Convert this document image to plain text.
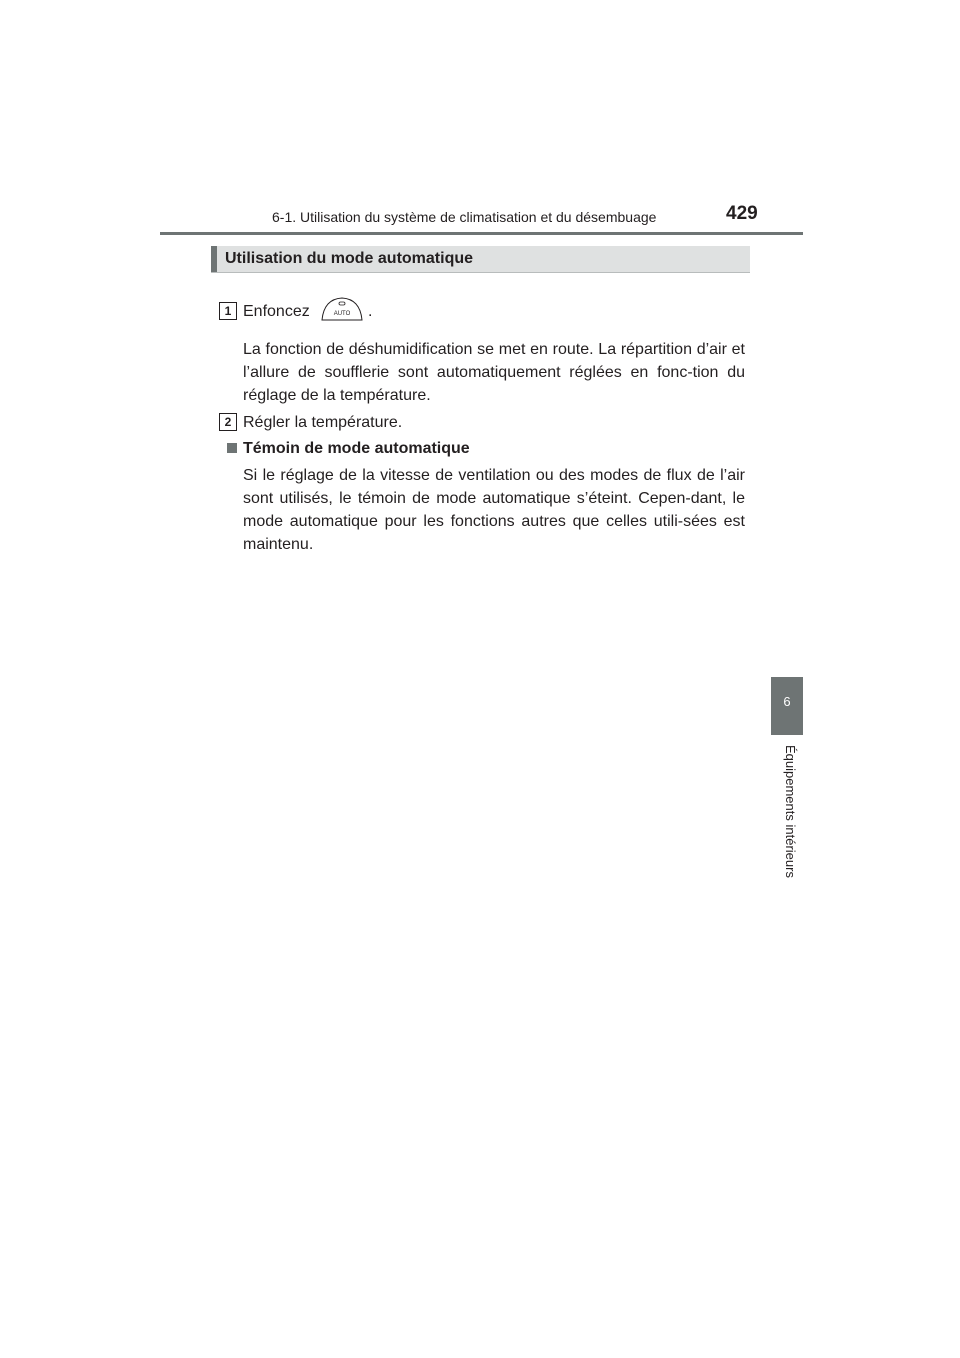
6-1. Utilisation du système de climatisation et du désembuage	429
6
Équipements intérieurs
Utilisation du mode automatique
1 Enfoncez	AUTO .
La fonction de déshumidification se met en route. La répartition d’air et l’allure de soufflerie sont automatiquement réglées en fonc-tion du réglage de la température.
2 Régler la température.
Témoin de mode automatique
Si le réglage de la vitesse de ventilation ou des modes de flux de l’air sont utilisés, le témoin de mode automatique s’éteint. Cepen-dant, le mode automatique pour les fonctions autres que celles utili-sées est maintenu.
